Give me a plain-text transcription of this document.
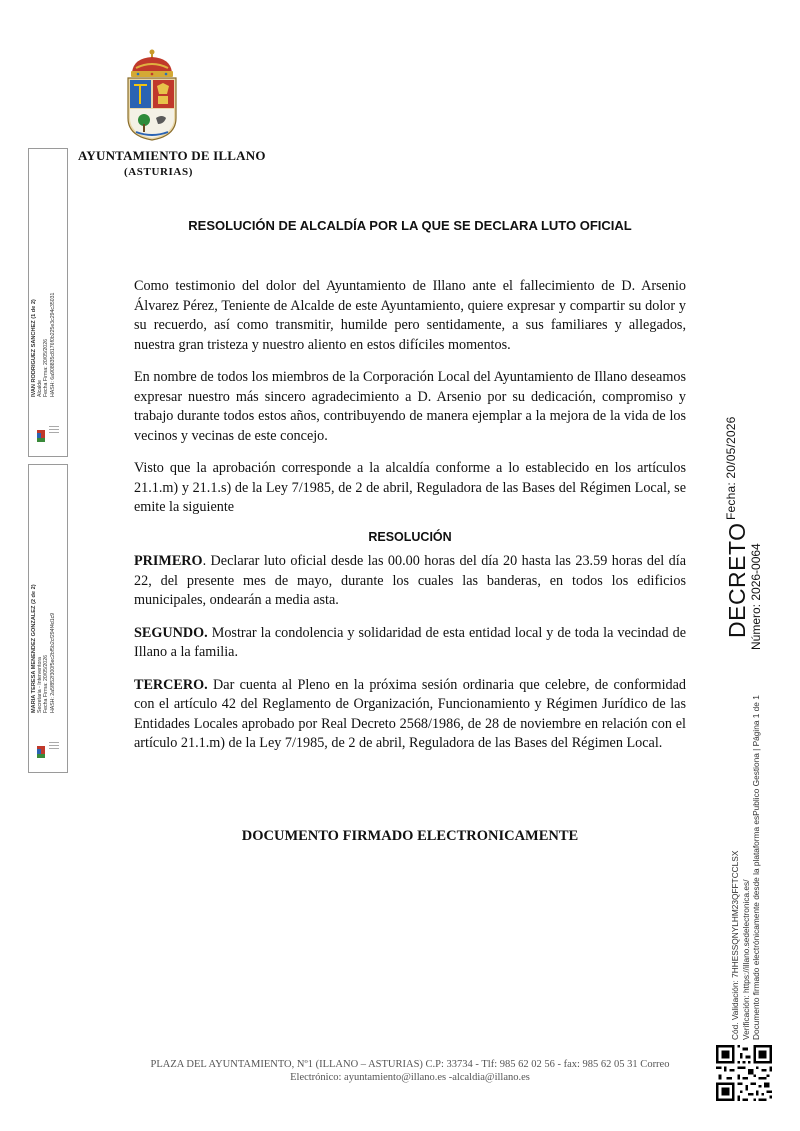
AYUNTAMIENTO DE ILLANO
(ASTURIAS)
IVAN RODRIGUEZ SANCHEZ (1 de 2) Alcalde Fecha Firma: 20/05/2026 HASH: 6a908835c8176f0b225e3c294c35031
MARIA TERESA MENENDEZ GONZALEZ (2 de 2) Secretaria - Interventora Fecha Firma: 20/05/2026 HASH: 2a5f852f300f5ec2bf5b2cf294f4d1c9
RESOLUCIÓN DE ALCALDÍA POR LA QUE SE DECLARA LUTO OFICIAL

Como testimonio del dolor del Ayuntamiento de Illano ante el fallecimiento de D. Arsenio Álvarez Pérez, Teniente de Alcalde de este Ayuntamiento, quiere expresar y compartir su dolor y su recuerdo, así como transmitir, humilde pero sentidamente, a sus familiares y allegados, nuestra gran tristeza y nuestro aliento en estos difíciles momentos.

En nombre de todos los miembros de la Corporación Local del Ayuntamiento de Illano deseamos expresar nuestro más sincero agradecimiento a D. Arsenio por su dedicación, compromiso y trabajo durante todos estos años, contribuyendo de manera ejemplar a la mejora de la vida de los vecinos y vecinas de este concejo.

Visto que la aprobación corresponde a la alcaldía conforme a lo establecido en los artículos 21.1.m) y 21.1.s) de la Ley 7/1985, de 2 de abril, Reguladora de las Bases del Régimen Local, se emite la siguiente

RESOLUCIÓN

PRIMERO. Declarar luto oficial desde las 00.00 horas del día 20 hasta las 23.59 horas del día 22, del presente mes de mayo, durante los cuales las banderas, en todos los edificios municipales, ondearán a media asta.

SEGUNDO. Mostrar la condolencia y solidaridad de esta entidad local y de toda la vecindad de Illano a la familia.

TERCERO. Dar cuenta al Pleno en la próxima sesión ordinaria que celebre, de conformidad con el artículo 42 del Reglamento de Organización, Funcionamiento y Régimen Jurídico de las Entidades Locales aprobado por Real Decreto 2568/1986, de 28 de noviembre en relación con el artículo 21.1.m) de la Ley 7/1985, de 2 de abril, Reguladora de las Bases del Régimen Local.

DOCUMENTO FIRMADO ELECTRONICAMENTE
DECRETO
Fecha: 20/05/2026
Número: 2026-0064
Cód. Validación: 7HHESSQNYLHM23QFFTCCLSX Verificación: https://illano.sedelectronica.es/ Documento firmado electrónicamente desde la plataforma esPublico Gestiona | Página 1 de 1
PLAZA DEL AYUNTAMIENTO, Nº1 (ILLANO – ASTURIAS) C.P: 33734 - Tlf: 985 62 02 56 - fax: 985 62 05 31 Correo
Electrónico: ayuntamiento@illano.es -alcaldia@illano.es
